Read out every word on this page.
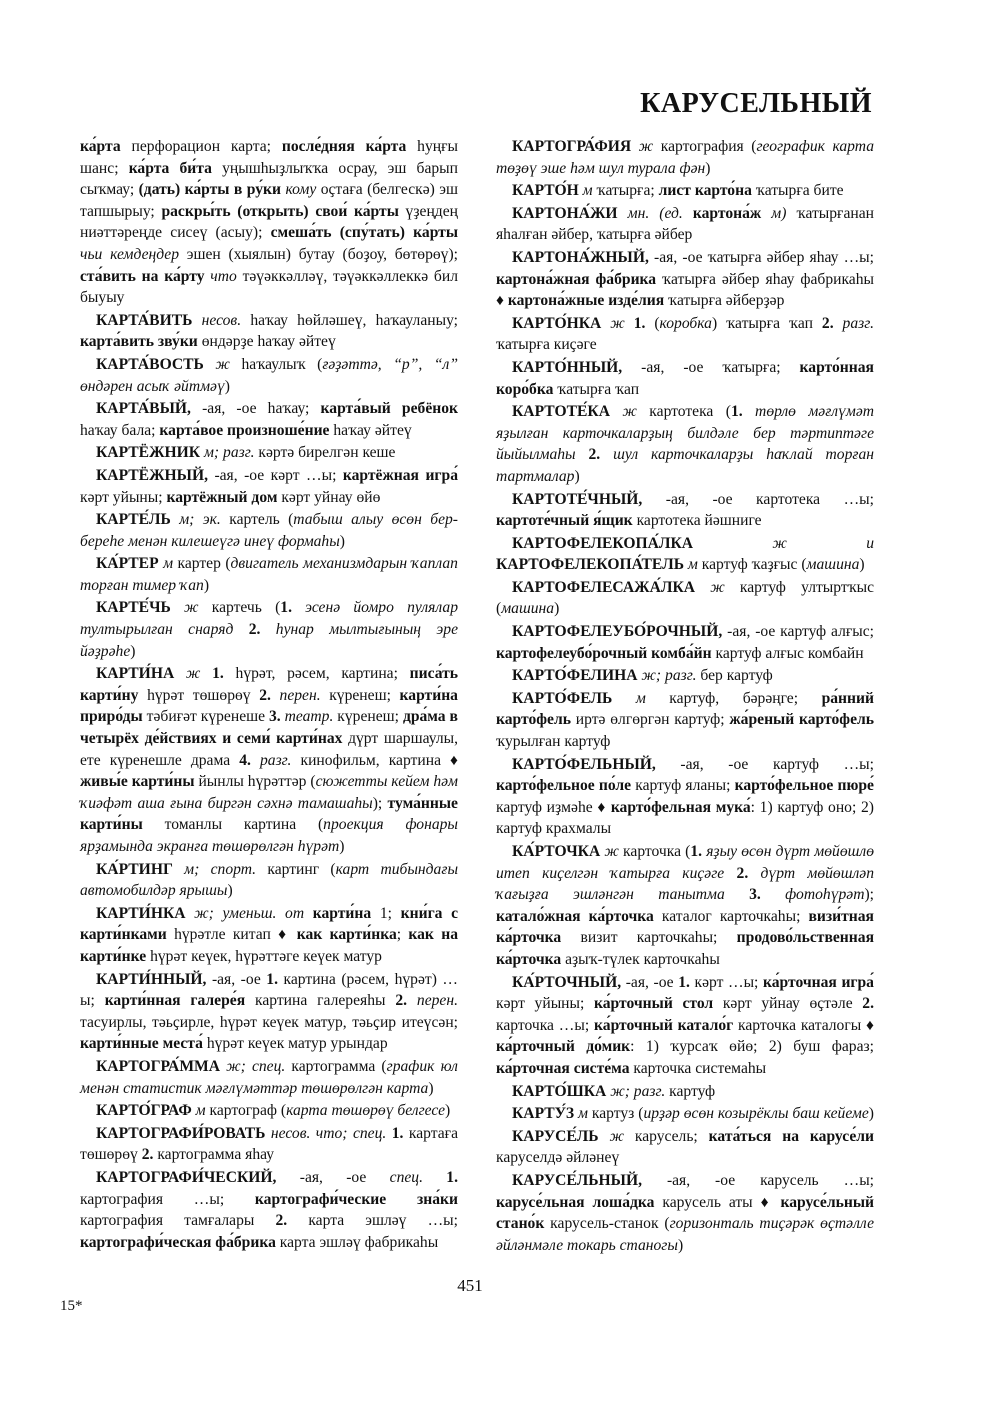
КАРУСЕЛЬНЫЙ

ка́рта перфорацион карта; после́дняя ка́рта һуңғы шанс; ка́рта би́та уңышһыҙлыҡҡа осрау, эш барып сыҡмау; (дать) ка́рты в ру́ки кому оҫтаға (белгескә) эш тапшырыу; раскры́ть (открыть) свои́ ка́рты үҙеңдең ниәттәреңде сисеү (асыу); смеша́ть (спу́тать) ка́рты чьи кемдеңдер эшен (хыялын) бутау (боҙоу, бөтөрөү); ста́вить на ка́рту что тәүәккәлләү, тәүәккәллеккә бил быуыу

КАРТА́ВИТЬ несов. һаҡау һөйләшеү, һаҡауланыу; карта́вить зву́ки өндәрҙе һаҡау әйтеү

КАРТА́ВОСТЬ ж һаҡаулыҡ (ғәҙәттә, “р”, “л” өндәрен асыҡ әйтмәү)

КАРТА́ВЫЙ, -ая, -ое һаҡау; карта́вый ребёнок һаҡау бала; карта́вое произноше́ние һаҡау әйтеү

КАРТЁЖНИК м; разг. кәртә бирелгән кеше

КАРТЁЖНЫЙ, -ая, -ое кәрт …ы; картёжная игра́ кәрт уйыны; картёжный дом кәрт уйнау өйө

КАРТЕ́ЛЬ м; эк. картель (табыш алыу өсөн бер-береһе менән килешеүгә инеү формаһы)

КА́РТЕР м картер (двигатель механизмдарын ҡаплап торған тимер ҡап)

КАРТЕ́ЧЬ ж картечь (1. эсенә йомро пулялар тултырылған снаряд 2. һунар мылтығының эре йәҙрәһе)

КАРТИ́НА ж 1. һүрәт, рәсем, картина; писа́ть карти́ну һүрәт төшөрөү 2. перен. күренеш; карти́на приро́ды тәбиғәт күренеше 3. театр. күренеш; дра́ма в четырёх де́йствиях и семи́ карти́нах дүрт шаршаулы, ете күренешле драма 4. разг. кинофильм, картина ♦ живы́е карти́ны йынлы һүрәттәр (сюжетты кейем һәм ҡиәфәт аша ғына биргән сәхнә тамашаһы); тума́нные карти́ны томанлы картина (проекция фонары ярҙамында экранға төшөрөлгән һүрәт)

КА́РТИНГ м; спорт. картинг (карт тибындағы автомобилдәр ярышы)

КАРТИ́НКА ж; уменьш. от карти́на 1; кни́га с карти́нками һүрәтле китап ♦ как карти́нка; как на карти́нке һүрәт кеүек, һүрәттәге кеүек матур

КАРТИ́ННЫЙ, -ая, -ое 1. картина (рәсем, һүрәт) …ы; карти́нная галере́я картина галереяһы 2. перен. тасуирлы, тәьҫирле, һүрәт кеүек матур, тәьҫир итеүсән; карти́нные места́ һүрәт кеүек матур урындар

КАРТОГРА́ММА ж; спец. картограмма (график юл менән статистик мәғлүмәттәр төшөрөлгән карта)

КАРТО́ГРАФ м картограф (карта төшөрөү белгесе)

КАРТОГРАФИ́РОВАТЬ несов. что; спец. 1. картаға төшөрөү 2. картограмма яһау

КАРТОГРАФИ́ЧЕСКИЙ, -ая, -ое спец. 1. картография …ы; картографи́ческие зна́ки картография тамғалары 2. карта эшләү …ы; картографи́ческая фа́брика карта эшләү фабрикаһы

КАРТОГРА́ФИЯ ж картография (географик карта төҙөү эше һәм шул турала фән)

КАРТО́Н м ҡатырға; лист карто́на ҡатырға бите

КАРТОНА́ЖИ мн. (ед. картона́ж м) ҡатырғанан яһалған әйбер, ҡатырға әйбер

КАРТОНА́ЖНЫЙ, -ая, -ое ҡатырға әйбер яһау …ы; картона́жная фа́брика ҡатырға әйбер яһау фабрикаһы ♦ картона́жные изде́лия ҡатырға әйберҙәр

КАРТО́НКА ж 1. (коробка) ҡатырға ҡап 2. разг. ҡатырға киҫәге

КАРТО́ННЫЙ, -ая, -ое ҡатырға; карто́нная коро́бка ҡатырға ҡап

КАРТОТЕ́КА ж картотека (1. төрлө мәғлүмәт яҙылған карточкаларҙың билдәле бер тәртиптәге йыйылмаһы 2. шул карточкаларҙы һаҡлай торған тартмалар)

КАРТОТЕ́ЧНЫЙ, -ая, -ое картотека …ы; картоте́чный я́щик картотека йәшниге

КАРТОФЕЛЕКОПА́ЛКА ж и КАРТОФЕЛЕКОПА́ТЕЛЬ м картуф ҡаҙғыс (машина)

КАРТОФЕЛЕСАЖА́ЛКА ж картуф ултыртҡыс (машина)

КАРТОФЕЛЕУБО́РОЧНЫЙ, -ая, -ое картуф алғыс; картофелеубо́рочный комба́йн картуф алғыс комбайн

КАРТО́ФЕЛИНА ж; разг. бер картуф

КАРТО́ФЕЛЬ м картуф, бәрәңге; ра́нний карто́фель иртә өлгөргән картуф; жа́реный карто́фель ҡурылған картуф

КАРТО́ФЕЛЬНЫЙ, -ая, -ое картуф …ы; карто́фельное по́ле картуф яланы; карто́фельное пюре́ картуф иҙмәһе ♦ карто́фельная мука́: 1) картуф оно; 2) картуф крахмалы

КА́РТОЧКА ж карточка (1. яҙыу өсөн дүрт мөйөшлө итеп киҫелгән ҡатырға киҫәге 2. дүрт мөйөшләп ҡағыҙға эшләнгән танытма 3. фотоһүрәт); катало́жная ка́рточка каталог карточкаһы; визи́тная ка́рточка визит карточкаһы; продово́льственная ка́рточка аҙыҡ-түлек карточкаһы

КА́РТОЧНЫЙ, -ая, -ое 1. кәрт …ы; ка́рточная игра́ кәрт уйыны; ка́рточный стол кәрт уйнау өҫтәле 2. карточка …ы; ка́рточный катало́г карточка каталогы ♦ ка́рточный до́мик: 1) ҡурсаҡ өйө; 2) буш фараз; ка́рточная систе́ма карточка системаһы

КАРТО́ШКА ж; разг. картуф

КАРТУ́З м картуз (ирҙәр өсөн козырёклы баш кейеме)

КАРУСЕ́ЛЬ ж карусель; ката́ться на карусе́ли каруселдә әйләнеү

КАРУСЕ́ЛЬНЫЙ, -ая, -ое карусель …ы; карусе́льная лоша́дка карусель аты ♦ карусе́льный стано́к карусель-станок (горизонталь тиҫәрәк өҫтәлле әйләнмәле токарь станогы)

451
15*
